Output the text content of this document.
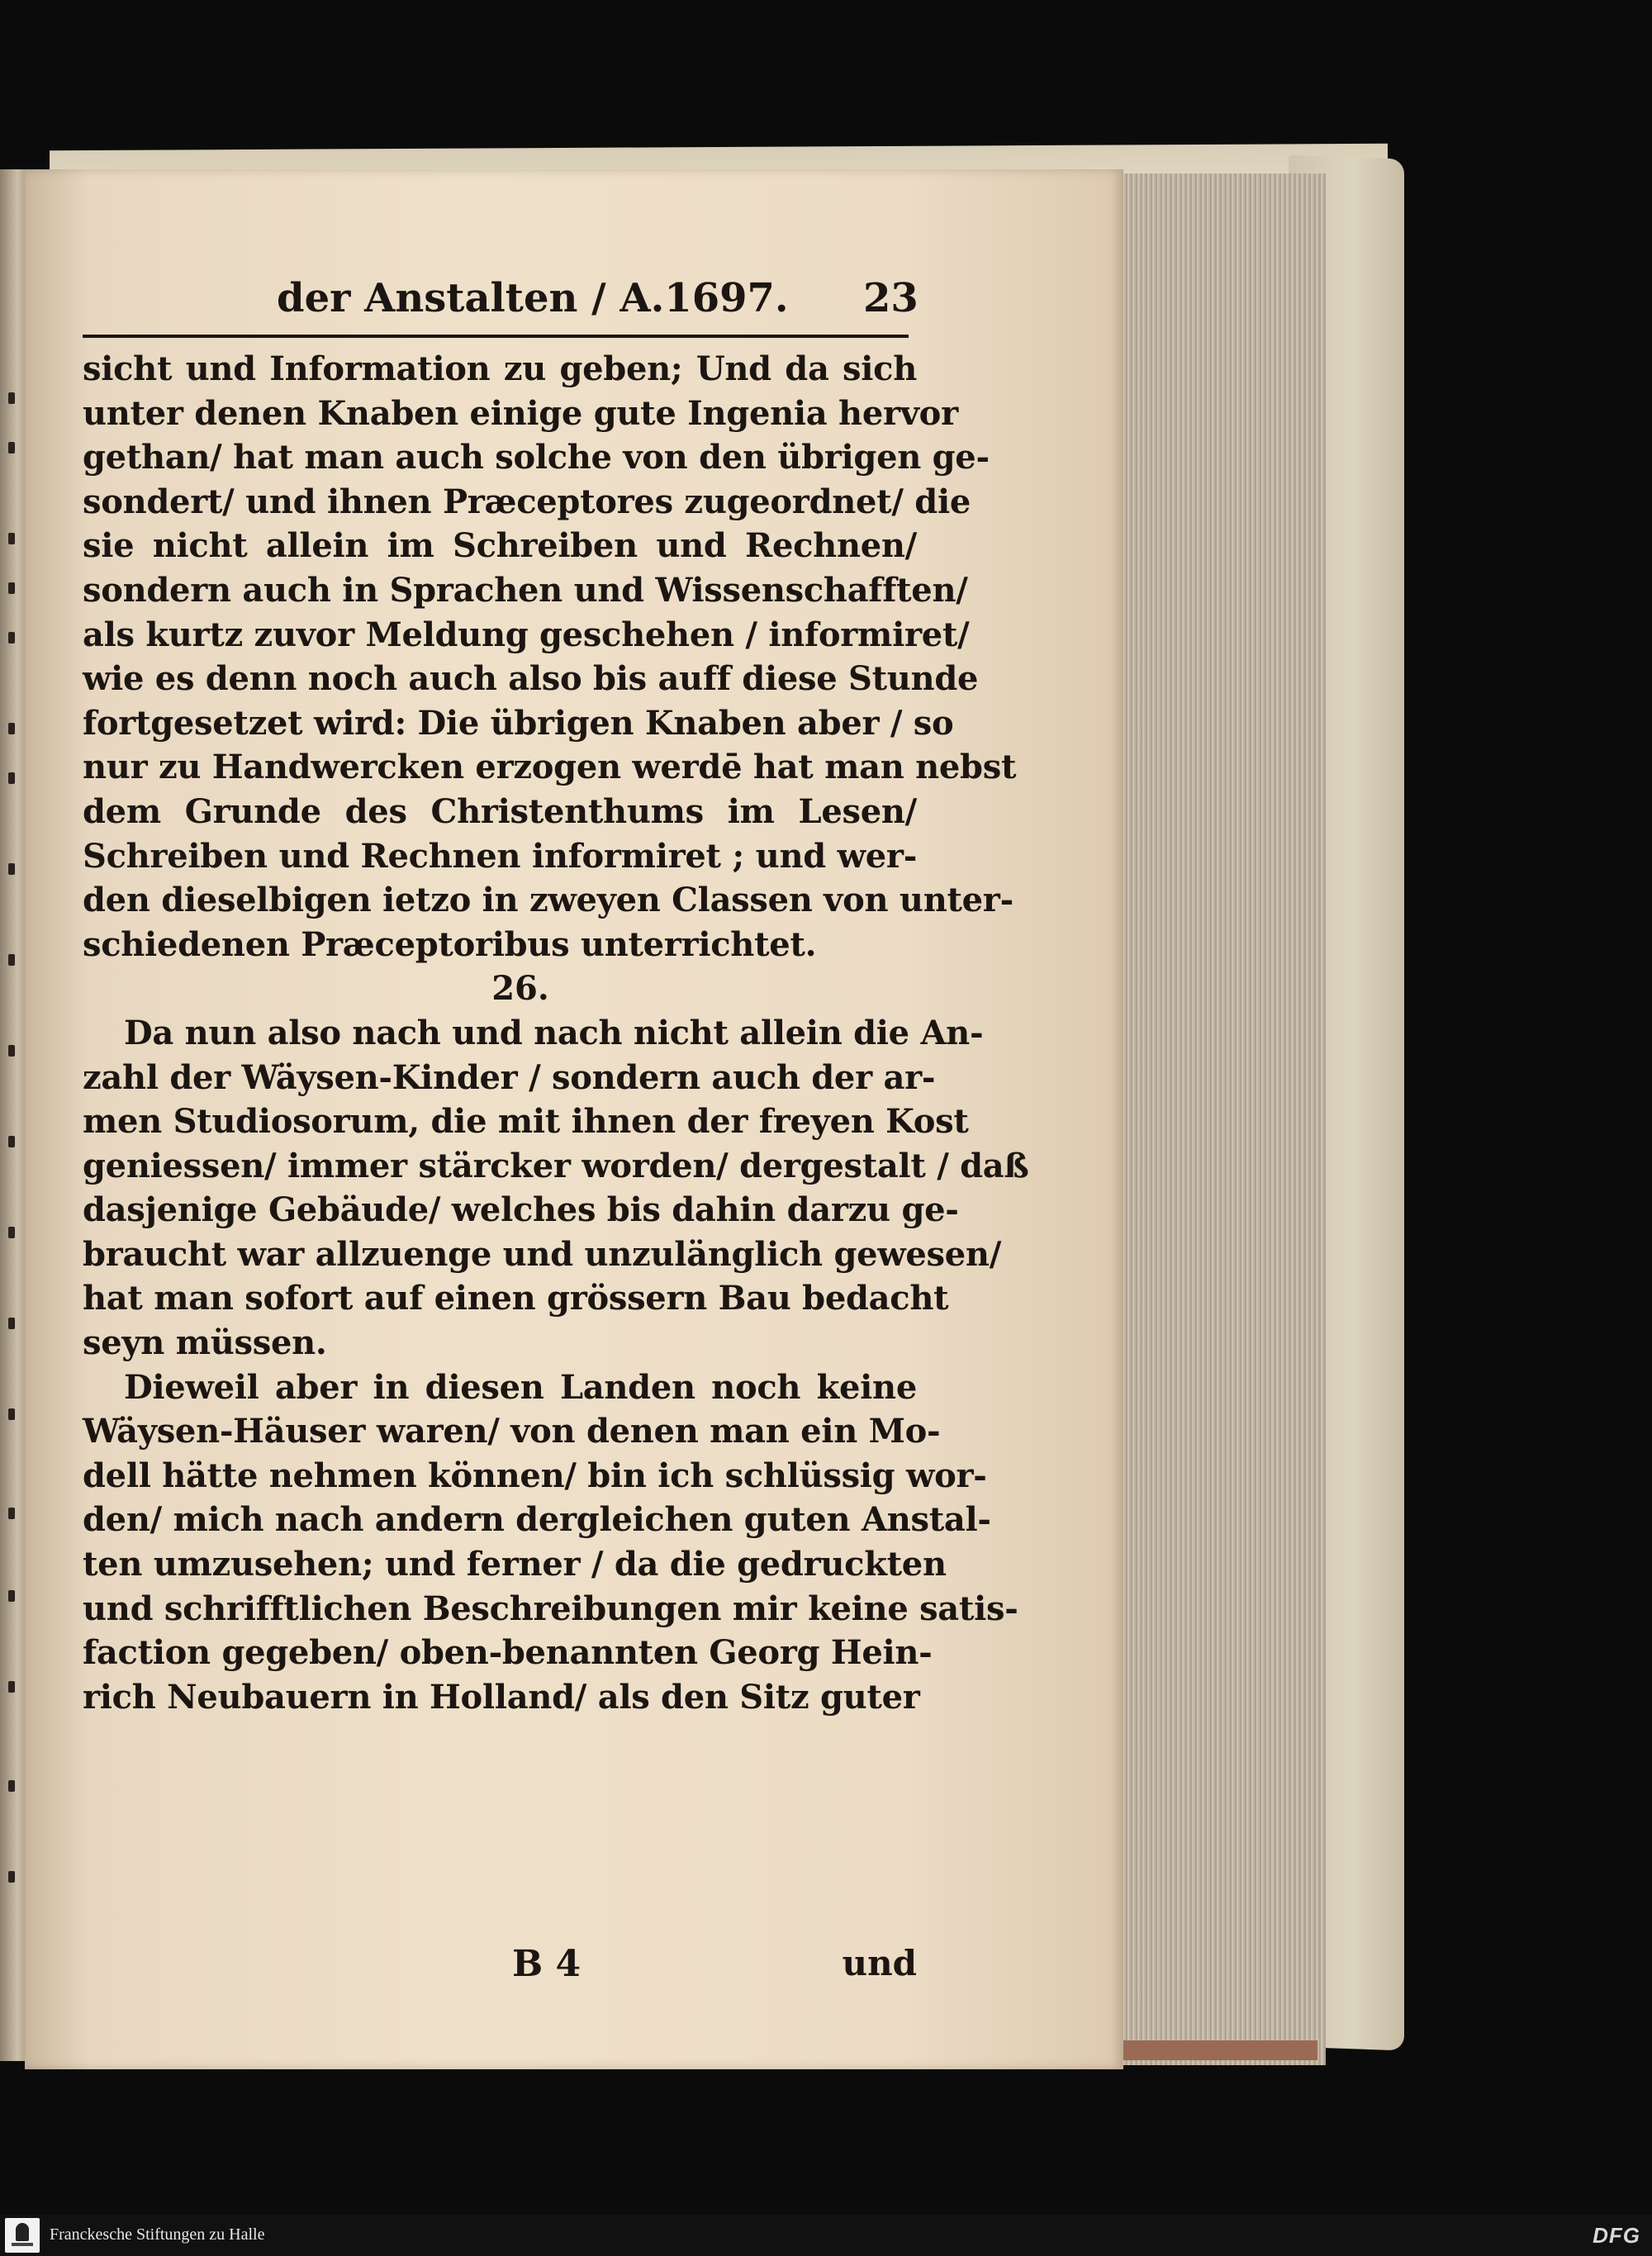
der Anstalten / A.1697. 23
sicht und Information zu geben; Und da sich
unter denen Knaben einige gute Ingenia hervor
gethan/ hat man auch solche von den übrigen ge-
sondert/ und ihnen Præceptores zugeordnet/ die
sie nicht allein im Schreiben und Rechnen/
sondern auch in Sprachen und Wissenschafften/
als kurtz zuvor Meldung geschehen / informiret/
wie es denn noch auch also bis auff diese Stunde
fortgesetzet wird: Die übrigen Knaben aber / so
nur zu Handwercken erzogen werdē hat man nebst
dem Grunde des Christenthums im Lesen/
Schreiben und Rechnen informiret ; und wer-
den dieselbigen ietzo in zweyen Classen von unter-
schiedenen Præceptoribus unterrichtet.
26.
Da nun also nach und nach nicht allein die An-
zahl der Wäysen-Kinder / sondern auch der ar-
men Studiosorum, die mit ihnen der freyen Kost
geniessen/ immer stärcker worden/ dergestalt / daß
dasjenige Gebäude/ welches bis dahin darzu ge-
braucht war allzuenge und unzulänglich gewesen/
hat man sofort auf einen grössern Bau bedacht
seyn müssen.
Dieweil aber in diesen Landen noch keine
Wäysen-Häuser waren/ von denen man ein Mo-
dell hätte nehmen können/ bin ich schlüssig wor-
den/ mich nach andern dergleichen guten Anstal-
ten umzusehen; und ferner / da die gedruckten
und schrifftlichen Beschreibungen mir keine satis-
faction gegeben/ oben-benannten Georg Hein-
rich Neubauern in Holland/ als den Sitz guter
B 4	und
Franckesche Stiftungen zu Halle	DFG
